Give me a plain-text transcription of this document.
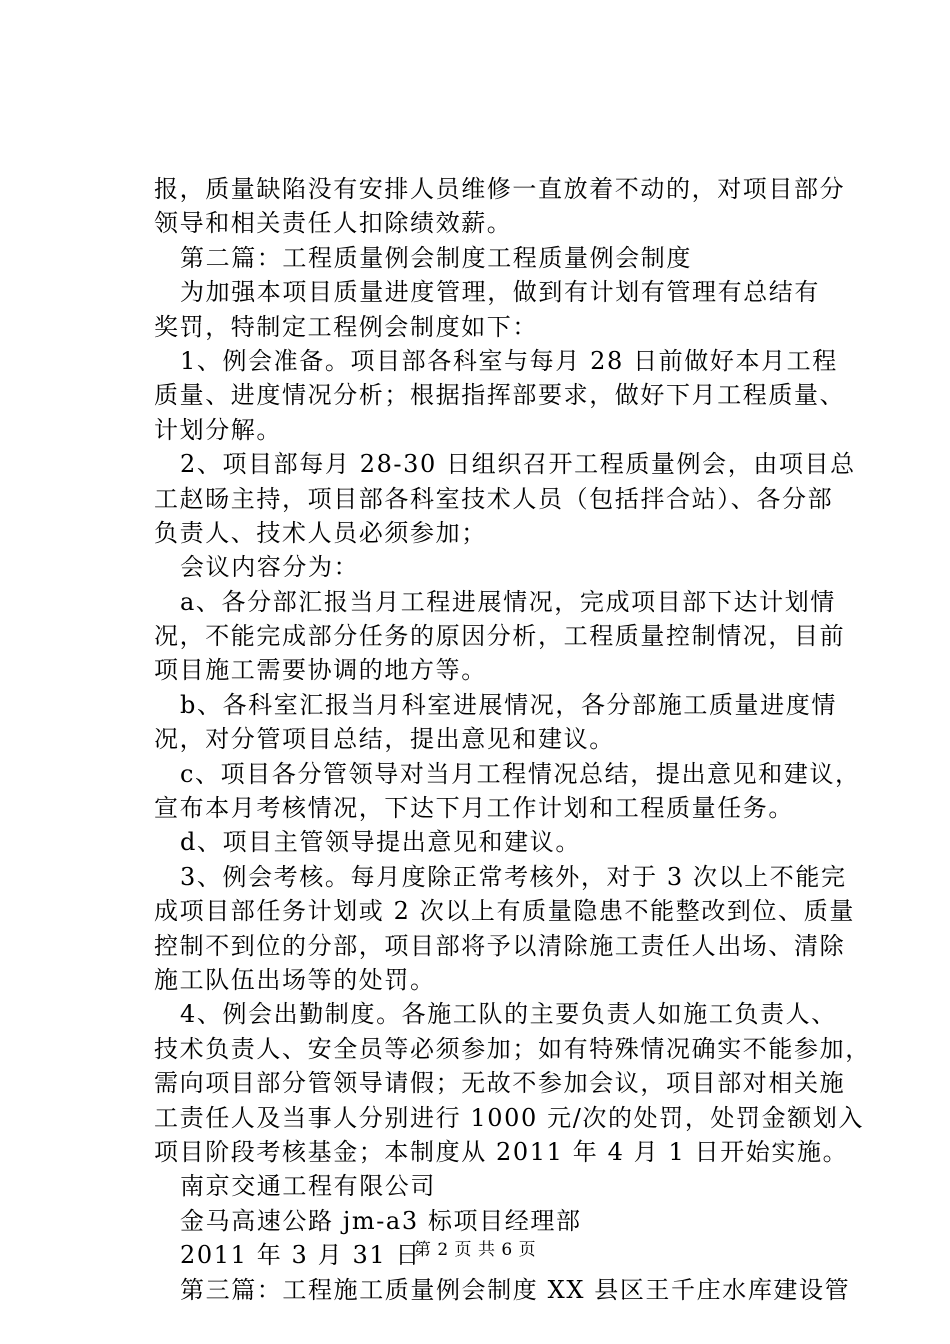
报，质量缺陷没有安排人员维修一直放着不动的，对项目部分
领导和相关责任人扣除绩效薪。
第二篇：工程质量例会制度工程质量例会制度
为加强本项目质量进度管理，做到有计划有管理有总结有
奖罚，特制定工程例会制度如下：
1、例会准备。项目部各科室与每月 28 日前做好本月工程
质量、进度情况分析；根据指挥部要求，做好下月工程质量、
计划分解。
2、项目部每月 28-30 日组织召开工程质量例会，由项目总
工赵旸主持，项目部各科室技术人员（包括拌合站）、各分部
负责人、技术人员必须参加；
会议内容分为：
a、各分部汇报当月工程进展情况，完成项目部下达计划情
况，不能完成部分任务的原因分析，工程质量控制情况，目前
项目施工需要协调的地方等。
b、各科室汇报当月科室进展情况，各分部施工质量进度情
况，对分管项目总结，提出意见和建议。
c、项目各分管领导对当月工程情况总结，提出意见和建议，
宣布本月考核情况，下达下月工作计划和工程质量任务。
d、项目主管领导提出意见和建议。
3、例会考核。每月度除正常考核外，对于 3 次以上不能完
成项目部任务计划或 2 次以上有质量隐患不能整改到位、质量
控制不到位的分部，项目部将予以清除施工责任人出场、清除
施工队伍出场等的处罚。
4、例会出勤制度。各施工队的主要负责人如施工负责人、
技术负责人、安全员等必须参加；如有特殊情况确实不能参加，
需向项目部分管领导请假；无故不参加会议，项目部对相关施
工责任人及当事人分别进行 1000 元/次的处罚，处罚金额划入
项目阶段考核基金；本制度从 2011 年 4 月 1 日开始实施。
南京交通工程有限公司
金马高速公路 jm-a3 标项目经理部
2011 年 3 月 31 日
第三篇：工程施工质量例会制度 XX 县区王千庄水库建设管
第 2 页 共 6 页
